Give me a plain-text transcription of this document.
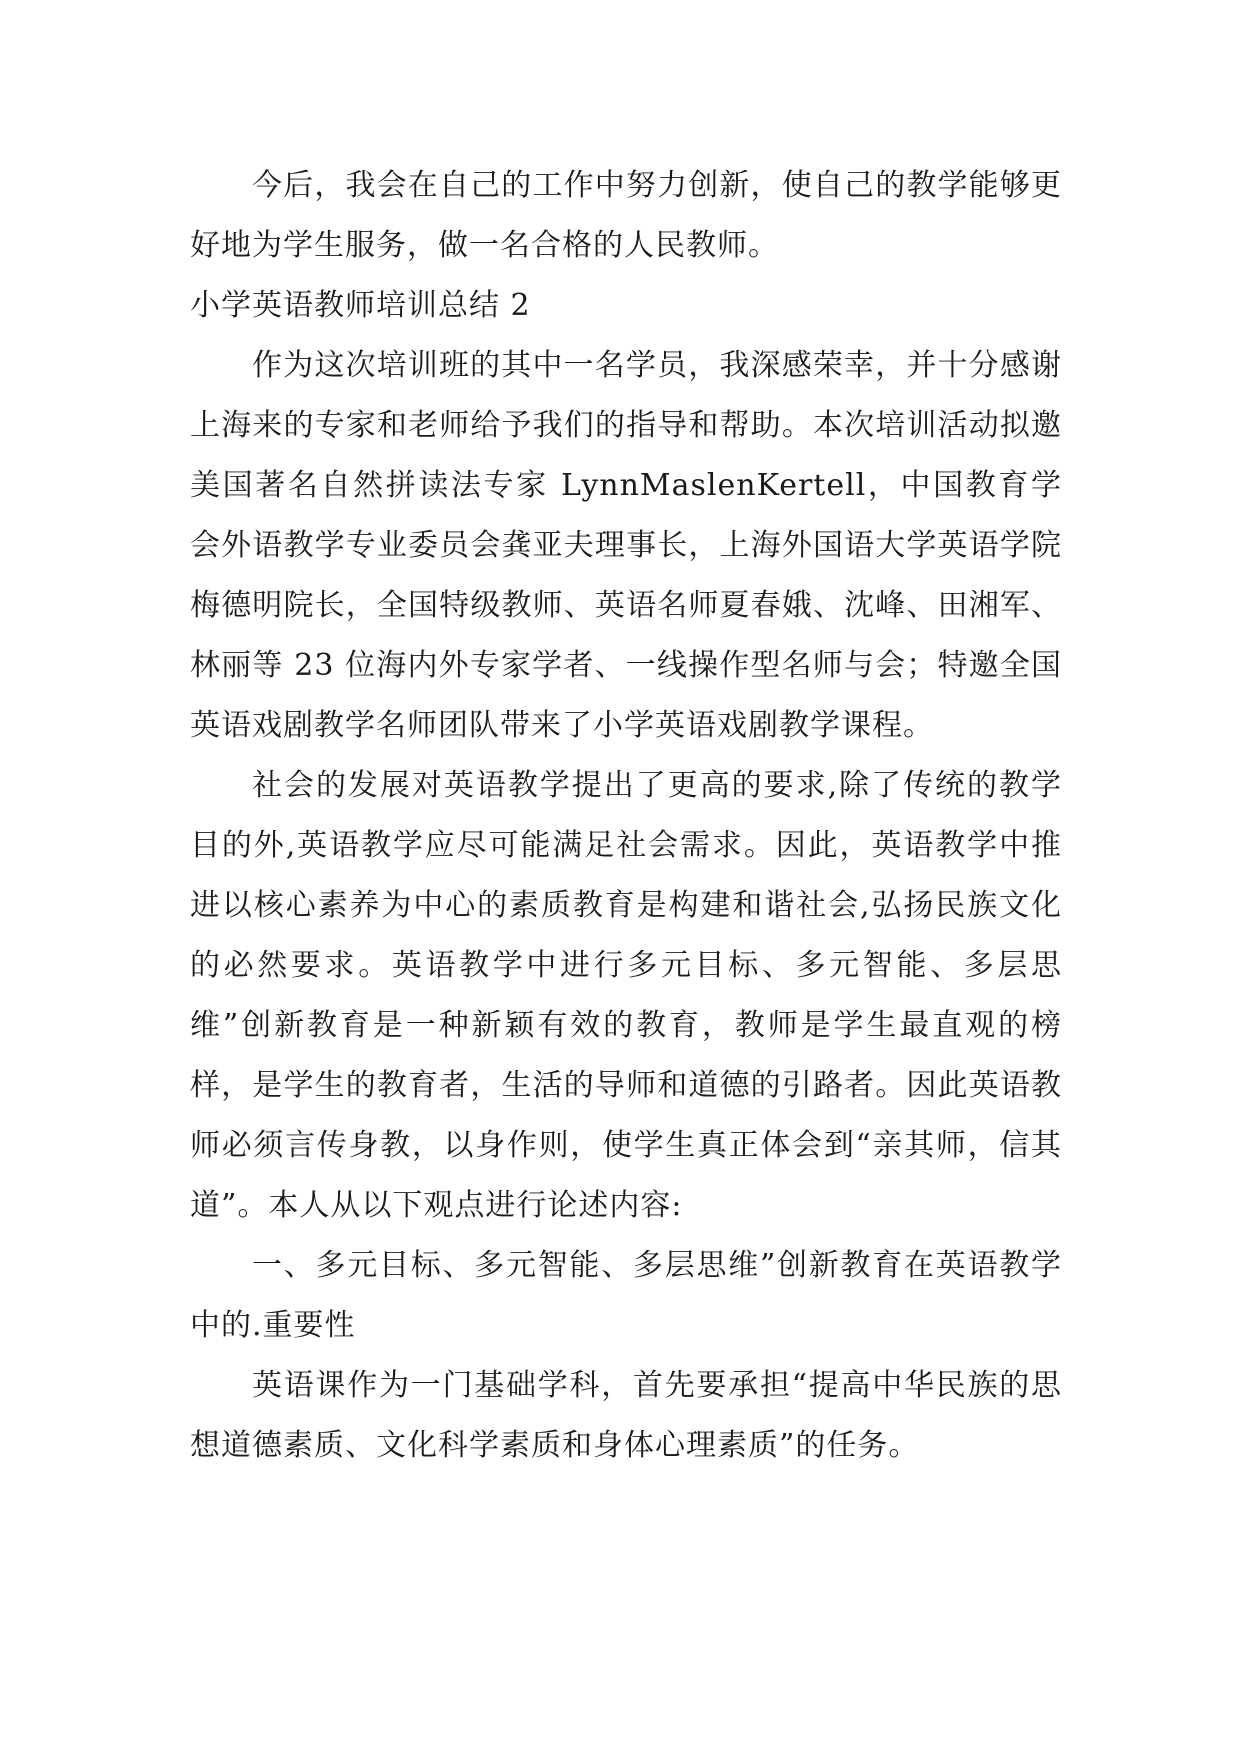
今后，我会在自己的工作中努力创新，使自己的教学能够更好地为学生服务，做一名合格的人民教师。

小学英语教师培训总结 2

作为这次培训班的其中一名学员，我深感荣幸，并十分感谢上海来的专家和老师给予我们的指导和帮助。本次培训活动拟邀美国著名自然拼读法专家 LynnMaslenKertell，中国教育学会外语教学专业委员会龚亚夫理事长，上海外国语大学英语学院梅德明院长，全国特级教师、英语名师夏春娥、沈峰、田湘军、林丽等 23 位海内外专家学者、一线操作型名师与会；特邀全国英语戏剧教学名师团队带来了小学英语戏剧教学课程。

社会的发展对英语教学提出了更高的要求,除了传统的教学目的外,英语教学应尽可能满足社会需求。因此，英语教学中推进以核心素养为中心的素质教育是构建和谐社会,弘扬民族文化的必然要求。英语教学中进行多元目标、多元智能、多层思维”创新教育是一种新颖有效的教育，教师是学生最直观的榜样，是学生的教育者，生活的导师和道德的引路者。因此英语教师必须言传身教，以身作则，使学生真正体会到“亲其师，信其道”。本人从以下观点进行论述内容:

一、多元目标、多元智能、多层思维”创新教育在英语教学中的.重要性

英语课作为一门基础学科，首先要承担“提高中华民族的思想道德素质、文化科学素质和身体心理素质”的任务。
